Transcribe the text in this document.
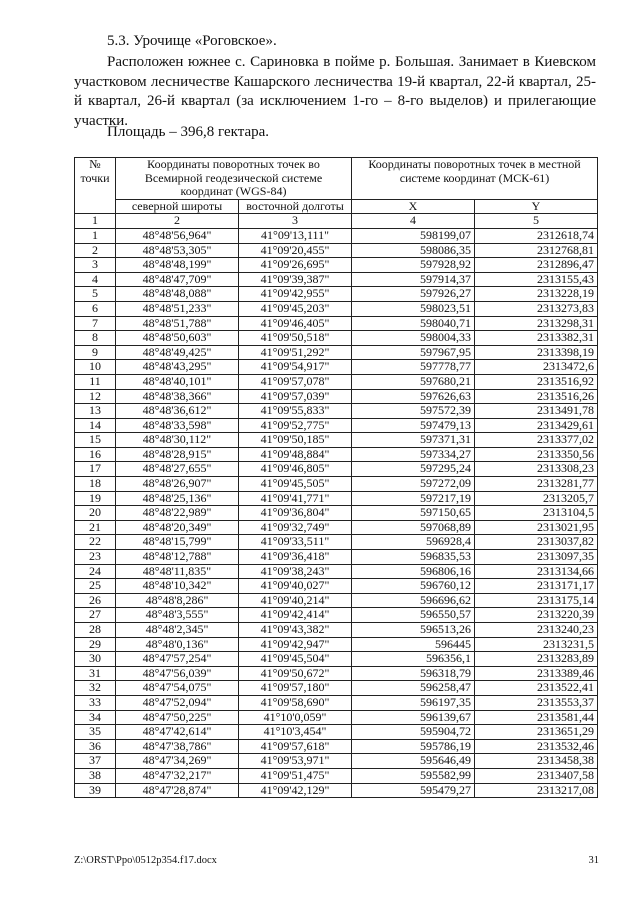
5.3. Урочище «Роговское».

Расположен южнее с. Сариновка в пойме р. Большая. Занимает в Киевском участковом лесничестве Кашарского лесничества 19-й квартал, 22-й квартал, 25-й квартал, 26-й квартал (за исключением 1-го – 8-го выделов) и прилегающие участки.

Площадь – 396,8 гектара.
№ точки	Координаты поворотных точек во Всемирной геодезической системе координат (WGS-84)		Координаты поворотных точек в местной системе координат (МСК-61)	
	северной широты	восточной долготы	X	Y
1	2	3	4	5
1	48°48'56,964"	41°09'13,111"	598199,07	2312618,74
2	48°48'53,305"	41°09'20,455"	598086,35	2312768,81
3	48°48'48,199"	41°09'26,695"	597928,92	2312896,47
4	48°48'47,709"	41°09'39,387"	597914,37	2313155,43
5	48°48'48,088"	41°09'42,955"	597926,27	2313228,19
6	48°48'51,233"	41°09'45,203"	598023,51	2313273,83
7	48°48'51,788"	41°09'46,405"	598040,71	2313298,31
8	48°48'50,603"	41°09'50,518"	598004,33	2313382,31
9	48°48'49,425"	41°09'51,292"	597967,95	2313398,19
10	48°48'43,295"	41°09'54,917"	597778,77	2313472,6
11	48°48'40,101"	41°09'57,078"	597680,21	2313516,92
12	48°48'38,366"	41°09'57,039"	597626,63	2313516,26
13	48°48'36,612"	41°09'55,833"	597572,39	2313491,78
14	48°48'33,598"	41°09'52,775"	597479,13	2313429,61
15	48°48'30,112"	41°09'50,185"	597371,31	2313377,02
16	48°48'28,915"	41°09'48,884"	597334,27	2313350,56
17	48°48'27,655"	41°09'46,805"	597295,24	2313308,23
18	48°48'26,907"	41°09'45,505"	597272,09	2313281,77
19	48°48'25,136"	41°09'41,771"	597217,19	2313205,7
20	48°48'22,989"	41°09'36,804"	597150,65	2313104,5
21	48°48'20,349"	41°09'32,749"	597068,89	2313021,95
22	48°48'15,799"	41°09'33,511"	596928,4	2313037,82
23	48°48'12,788"	41°09'36,418"	596835,53	2313097,35
24	48°48'11,835"	41°09'38,243"	596806,16	2313134,66
25	48°48'10,342"	41°09'40,027"	596760,12	2313171,17
26	48°48'8,286"	41°09'40,214"	596696,62	2313175,14
27	48°48'3,555"	41°09'42,414"	596550,57	2313220,39
28	48°48'2,345"	41°09'43,382"	596513,26	2313240,23
29	48°48'0,136"	41°09'42,947"	596445	2313231,5
30	48°47'57,254"	41°09'45,504"	596356,1	2313283,89
31	48°47'56,039"	41°09'50,672"	596318,79	2313389,46
32	48°47'54,075"	41°09'57,180"	596258,47	2313522,41
33	48°47'52,094"	41°09'58,690"	596197,35	2313553,37
34	48°47'50,225"	41°10'0,059"	596139,67	2313581,44
35	48°47'42,614"	41°10'3,454"	595904,72	2313651,29
36	48°47'38,786"	41°09'57,618"	595786,19	2313532,46
37	48°47'34,269"	41°09'53,971"	595646,49	2313458,38
38	48°47'32,217"	41°09'51,475"	595582,99	2313407,58
39	48°47'28,874"	41°09'42,129"	595479,27	2313217,08
Z:\ORST\Ppo\0512p354.f17.docx	31
